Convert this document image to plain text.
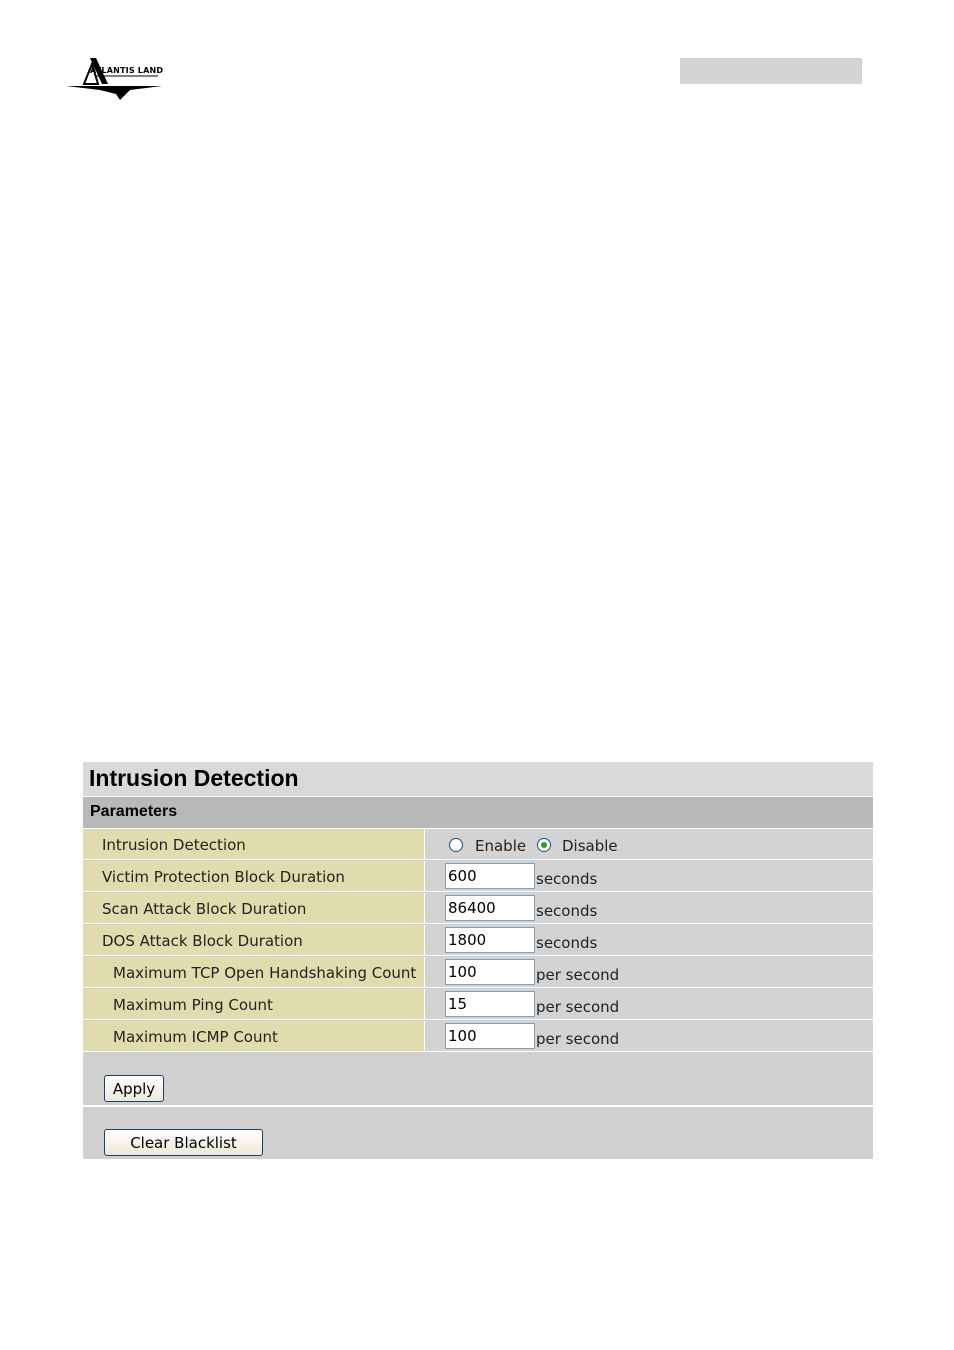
ATLANTIS LAND
Intrusion Detection
Parameters
Intrusion Detection	Enable Disable
Victim Protection Block Duration	600	seconds
Scan Attack Block Duration	86400	seconds
DOS Attack Block Duration	1800	seconds
Maximum TCP Open Handshaking Count 100	per second
Maximum Ping Count	15	per second
Maximum ICMP Count	100	per second
Apply
Clear Blacklist
